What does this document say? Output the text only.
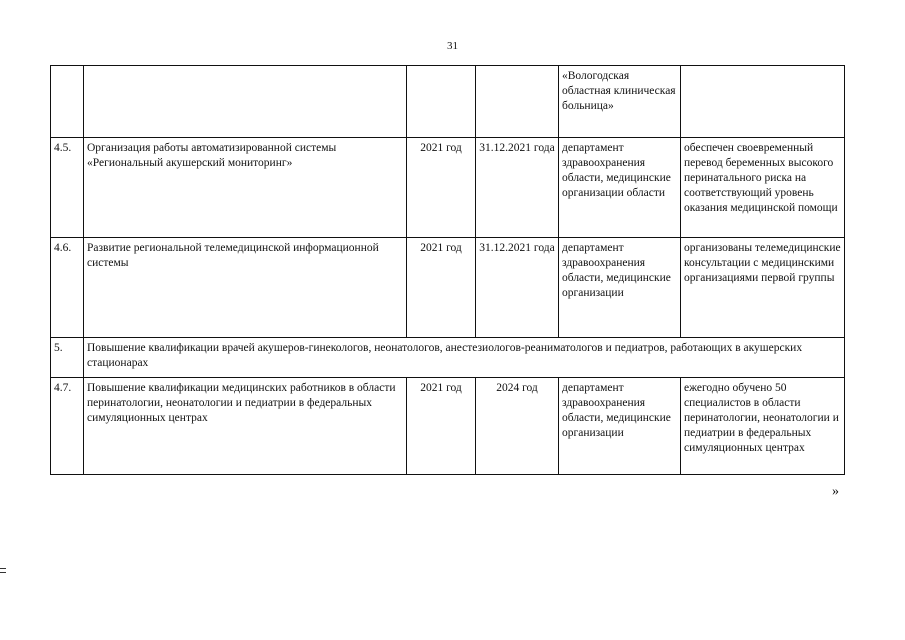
31
				«Вологодская областная клиническая больница»	
4.5.	Организация работы автоматизированной системы «Региональный акушерский мониторинг»	2021 год	31.12.2021 года	департамент здравоохранения области, медицинские организации области	обеспечен своевременный перевод беременных высокого перинатального риска на соответствующий уровень оказания медицинской помощи
4.6.	Развитие региональной телемедицинской информационной системы	2021 год	31.12.2021 года	департамент здравоохранения области, медицинские организации	организованы телемедицинские консультации с медицинскими организациями первой группы
5.	Повышение квалификации врачей акушеров-гинекологов, неонатологов, анестезиологов-реаниматологов и педиатров, работающих в акушерских стационарах				
4.7.	Повышение квалификации медицинских работников в области перинатологии, неонатологии и педиатрии в федеральных симуляционных центрах	2021 год	2024 год	департамент здравоохранения области, медицинские организации	ежегодно обучено 50 специалистов в области перинатологии, неонатологии и педиатрии в федеральных симуляционных центрах
»
